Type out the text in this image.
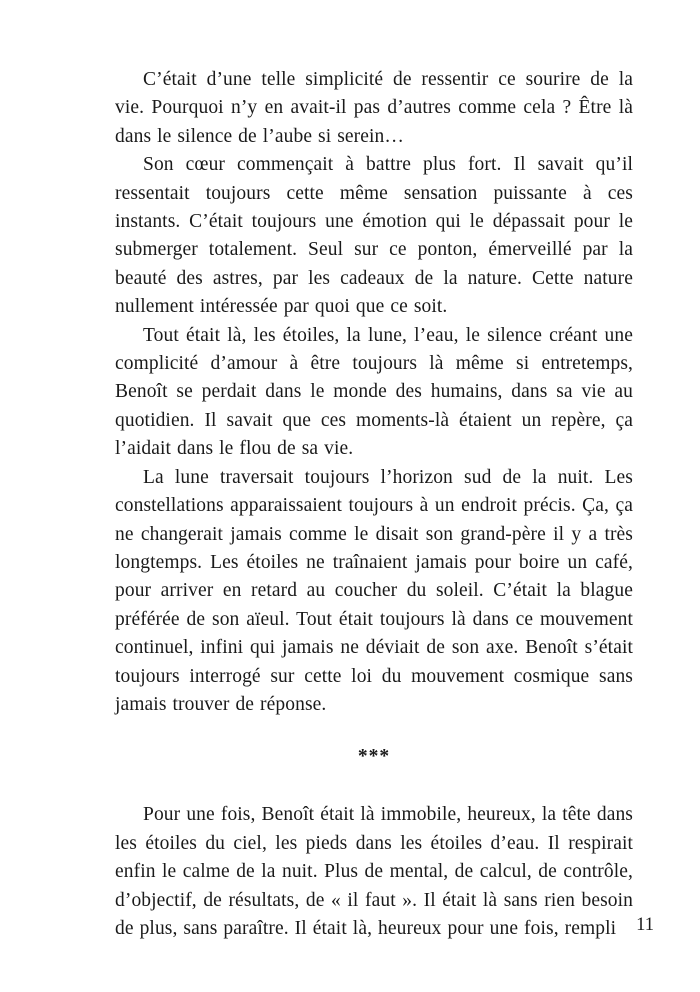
C’était d’une telle simplicité de ressentir ce sourire de la vie. Pourquoi n’y en avait-il pas d’autres comme cela ? Être là dans le silence de l’aube si serein…

Son cœur commençait à battre plus fort. Il savait qu’il ressentait toujours cette même sensation puissante à ces instants. C’était toujours une émotion qui le dépassait pour le submerger totalement. Seul sur ce ponton, émerveillé par la beauté des astres, par les cadeaux de la nature. Cette nature nullement intéressée par quoi que ce soit.

Tout était là, les étoiles, la lune, l’eau, le silence créant une complicité d’amour à être toujours là même si entretemps, Benoît se perdait dans le monde des humains, dans sa vie au quotidien. Il savait que ces moments-là étaient un repère, ça l’aidait dans le flou de sa vie.

La lune traversait toujours l’horizon sud de la nuit. Les constellations apparaissaient toujours à un endroit précis. Ça, ça ne changerait jamais comme le disait son grand-père il y a très longtemps. Les étoiles ne traînaient jamais pour boire un café, pour arriver en retard au coucher du soleil. C’était la blague préférée de son aïeul. Tout était toujours là dans ce mouvement continuel, infini qui jamais ne déviait de son axe. Benoît s’était toujours interrogé sur cette loi du mouvement cosmique sans jamais trouver de réponse.

***

Pour une fois, Benoît était là immobile, heureux, la tête dans les étoiles du ciel, les pieds dans les étoiles d’eau. Il respirait enfin le calme de la nuit. Plus de mental, de calcul, de contrôle, d’objectif, de résultats, de « il faut ». Il était là sans rien besoin de plus, sans paraître. Il était là, heureux pour une fois, rempli	11
